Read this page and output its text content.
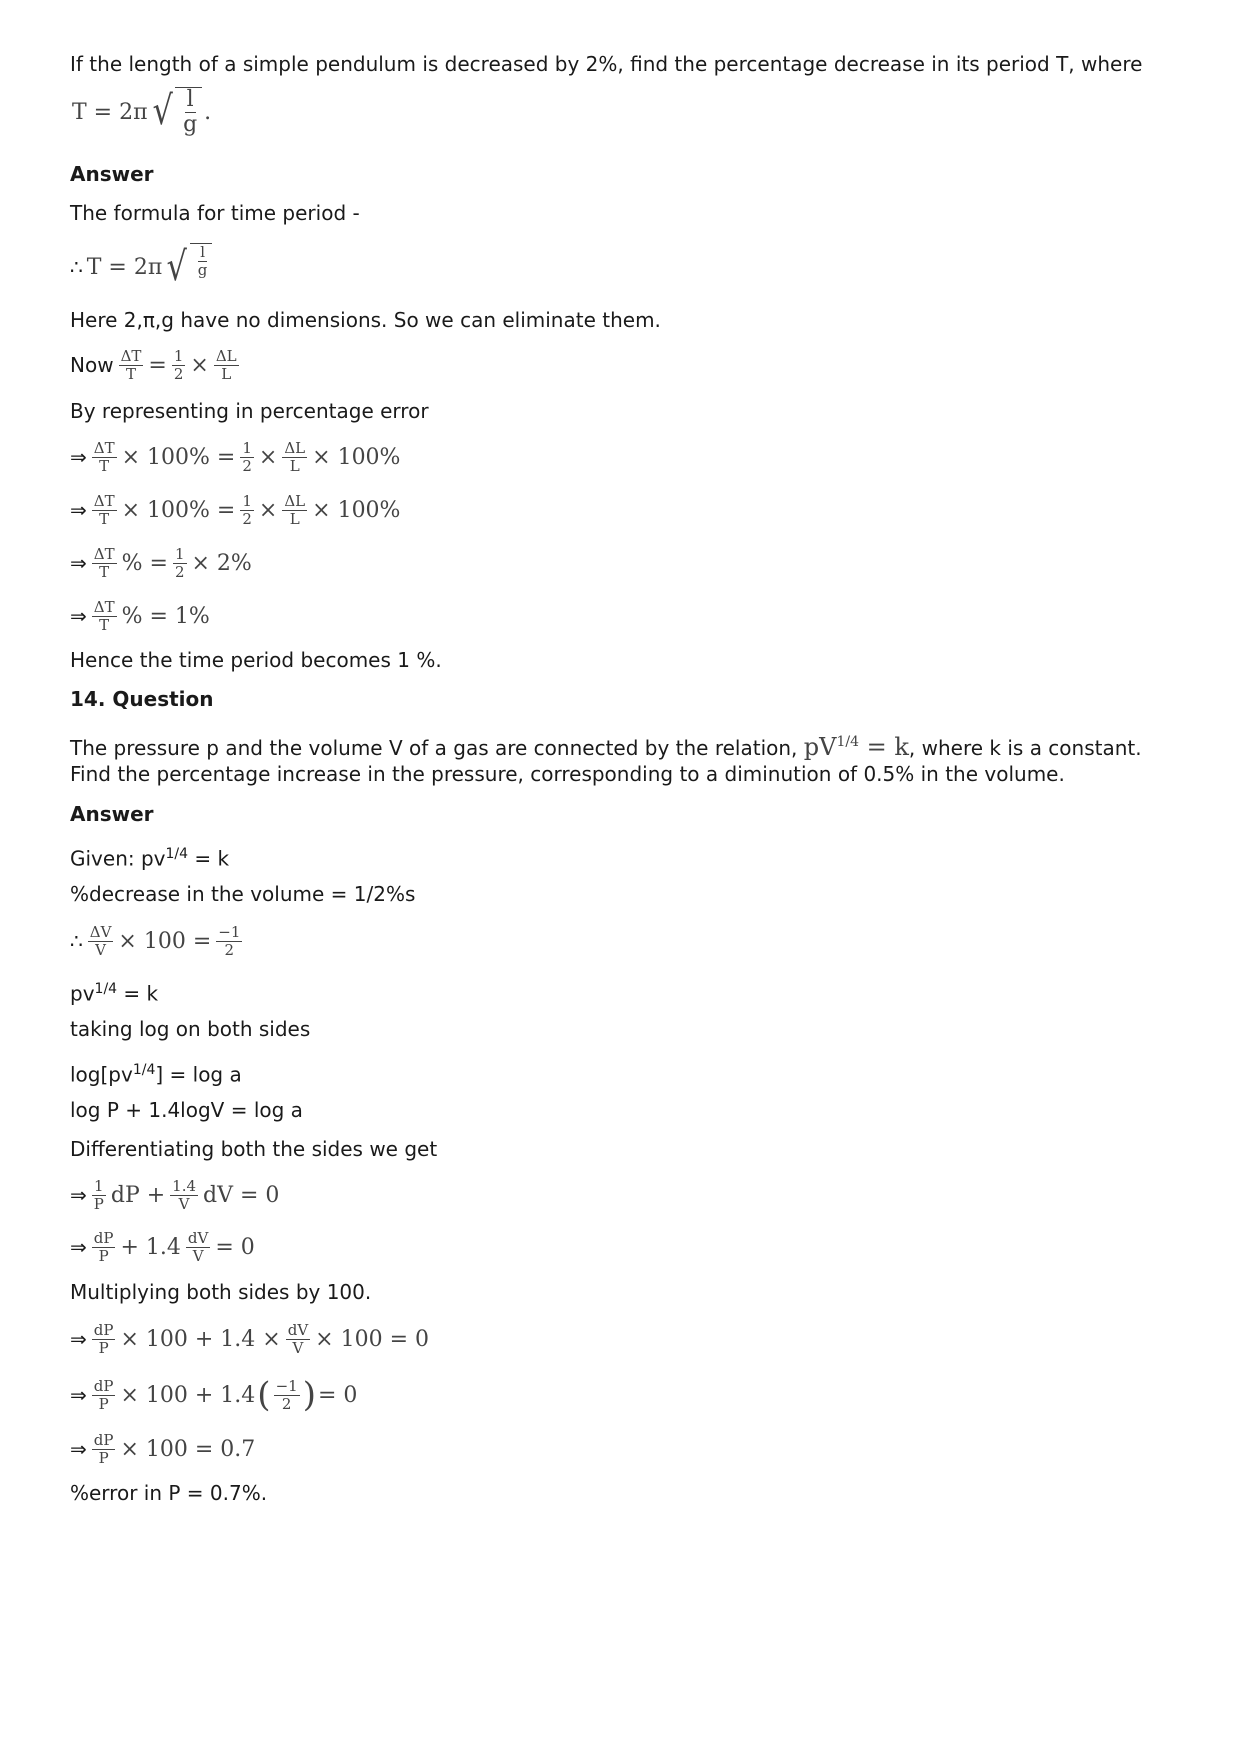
If the length of a simple pendulum is decreased by 2%, find the percentage decrease in its period T, where
T = 2π √ $\frac{l}{g}$ .
Answer
The formula for time period -
∴ T = 2π √ $\frac{l}{g}$
Here 2,π,g have no dimensions. So we can eliminate them.
Now $\frac{\Delta T}{T} = \frac{1}{2} \times \frac{\Delta L}{L}$
By representing in percentage error
⇒ $\frac{\Delta T}{T} \times 100\% = \frac{1}{2} \times \frac{\Delta L}{L} \times 100\%$
⇒ $\frac{\Delta T}{T} \times 100\% = \frac{1}{2} \times \frac{\Delta L}{L} \times 100\%$
⇒ $\frac{\Delta T}{T}$ % = $\frac{1}{2} \times 2\%$
⇒ $\frac{\Delta T}{T}$ % = 1%
Hence the time period becomes 1 %.
14. Question
The pressure p and the volume V of a gas are connected by the relation, $pV^{1/4} = k$, where k is a constant.
Find the percentage increase in the pressure, corresponding to a diminution of 0.5% in the volume.
Answer
Given: $pv^{1/4} = k$
%decrease in the volume = 1/2%s
∴ $\frac{\Delta V}{V} \times 100 = \frac{-1}{2}$
$pv^{1/4} = k$
taking log on both sides
$\log[pv^{1/4}] = \log a$
log P + 1.4logV = log a
Differentiating both the sides we get
⇒ $\frac{1}{P}$ dP + $\frac{1.4}{V}$ dV = 0
⇒ $\frac{dP}{P} + 1.4 \frac{dV}{V} = 0$
Multiplying both sides by 100.
⇒ $\frac{dP}{P} \times 100 + 1.4 \times \frac{dV}{V} \times 100 = 0$
⇒ $\frac{dP}{P} \times 100 + 1.4$ ( $\frac{-1}{2}$ ) = 0
⇒ $\frac{dP}{P} \times 100 = 0.7$
%error in P = 0.7%.
